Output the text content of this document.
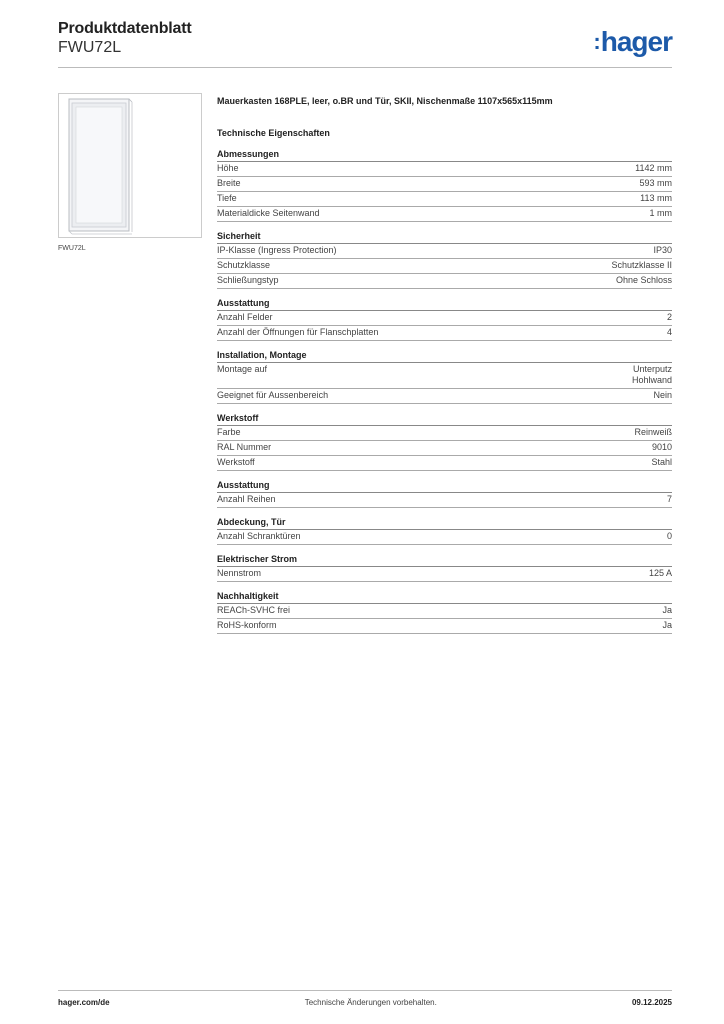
Produktdatenblatt
FWU72L	:hager
FWU72L
Mauerkasten 168PLE, leer, o.BR und Tür, SKII, Nischenmaße 1107x565x115mm
Technische Eigenschaften
Abmessungen
Höhe	1142 mm
Breite	593 mm
Tiefe	113 mm
Materialdicke Seitenwand	1 mm
Sicherheit
IP-Klasse (Ingress Protection)	IP30
Schutzklasse	Schutzklasse II
Schließungstyp	Ohne Schloss
Ausstattung
Anzahl Felder	2
Anzahl der Öffnungen für Flanschplatten	4
Installation, Montage
Montage auf	Unterputz
Hohlwand
Geeignet für Aussenbereich	Nein
Werkstoff
Farbe	Reinweiß
RAL Nummer	9010
Werkstoff	Stahl
Ausstattung
Anzahl Reihen	7
Abdeckung, Tür
Anzahl Schranktüren	0
Elektrischer Strom
Nennstrom	125 A
Nachhaltigkeit
REACh-SVHC frei	Ja
RoHS-konform	Ja
hager.com/de	Technische Änderungen vorbehalten.	09.12.2025
